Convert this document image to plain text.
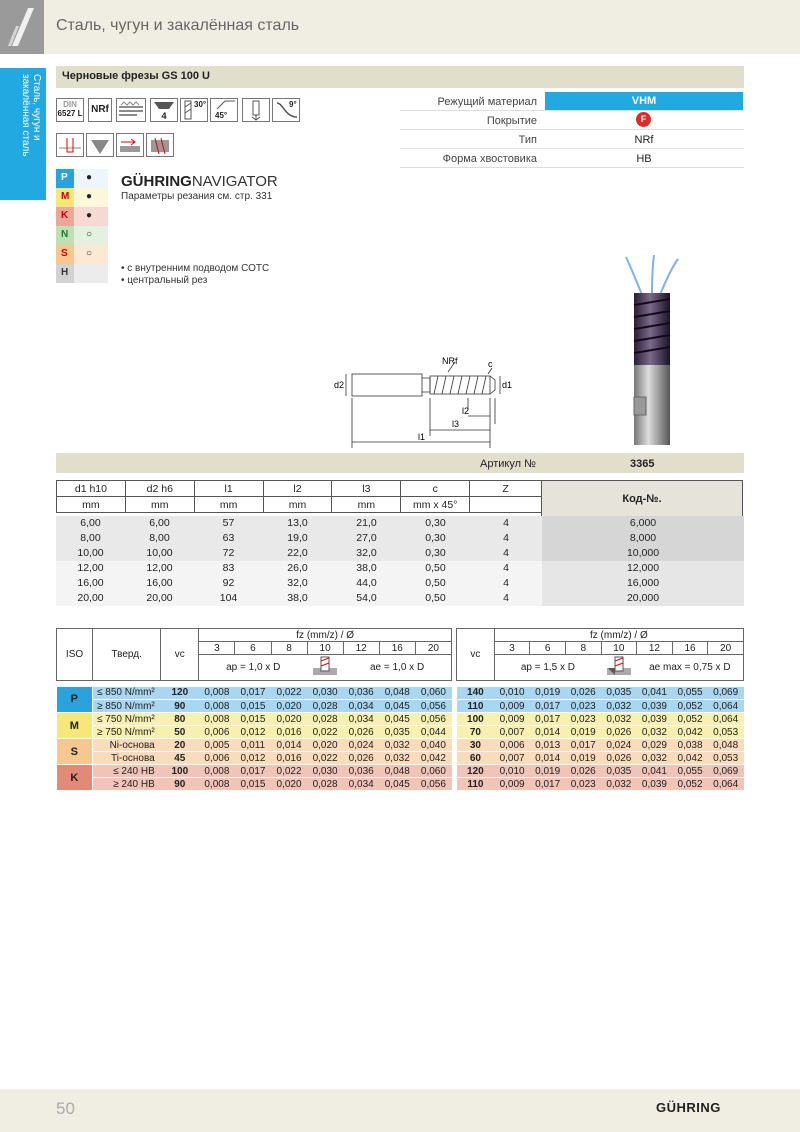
Сталь, чугун и закалённая сталь
Сталь, чугун и закалённая сталь	Черновые фрезы GS 100 U
DIN
6527 L NRf
4
30°
45°
9°
P	●
M	●
K	●
N	○
S	○
H
GÜHRINGNAVIGATOR
Параметры резания см. стр. 331
• с внутренним подводом СОТС
• центральный рез
Режущий материал	VHM
Покрытие	F
Тип	NRf
Форма хвостовика	HB
d2	d1
NRf	c
l2
l3
l1
Артикул №	3365
Код-№.
d1 h10	d2 h6	l1	l2	l3	c	Z
mm	mm	mm	mm	mm	mm x 45°	
6,00	6,00	57	13,0	21,0	0,30	4	6,000
8,00	8,00	63	19,0	27,0	0,30	4	8,000
10,00	10,00	72	22,0	32,0	0,30	4	10,000
12,00	12,00	83	26,0	38,0	0,50	4	12,000
16,00	16,00	92	32,0	44,0	0,50	4	16,000
20,00	20,00	104	38,0	54,0	0,50	4	20,000
ISO	Тверд.	vc	fz (mm/z) / Ø						
			3	6	8	10	12	16	20
			ap = 1,0 x D				ae = 1,0 x D		

P	≤ 850 N/mm²	120	0,008	0,017	0,022	0,030	0,036	0,048	0,060
	≥ 850 N/mm²	90	0,008	0,015	0,020	0,028	0,034	0,045	0,056
M	≤ 750 N/mm²	80	0,008	0,015	0,020	0,028	0,034	0,045	0,056
	≥ 750 N/mm²	50	0,006	0,012	0,016	0,022	0,026	0,035	0,044
S	Ni-основа	20	0,005	0,011	0,014	0,020	0,024	0,032	0,040
	Ti-основа	45	0,006	0,012	0,016	0,022	0,026	0,032	0,042
K	≤ 240 HB	100	0,008	0,017	0,022	0,030	0,036	0,048	0,060
	≥ 240 HB	90	0,008	0,015	0,020	0,028	0,034	0,045	0,056
vc	fz (mm/z) / Ø						
	3	6	8	10	12	16	20
	ap = 1,5 x D				ae max = 0,75 x D		

140	0,010	0,019	0,026	0,035	0,041	0,055	0,069
110	0,009	0,017	0,023	0,032	0,039	0,052	0,064
100	0,009	0,017	0,023	0,032	0,039	0,052	0,064
70	0,007	0,014	0,019	0,026	0,032	0,042	0,053
30	0,006	0,013	0,017	0,024	0,029	0,038	0,048
60	0,007	0,014	0,019	0,026	0,032	0,042	0,053
120	0,010	0,019	0,026	0,035	0,041	0,055	0,069
110	0,009	0,017	0,023	0,032	0,039	0,052	0,064
50	GÜHRING
